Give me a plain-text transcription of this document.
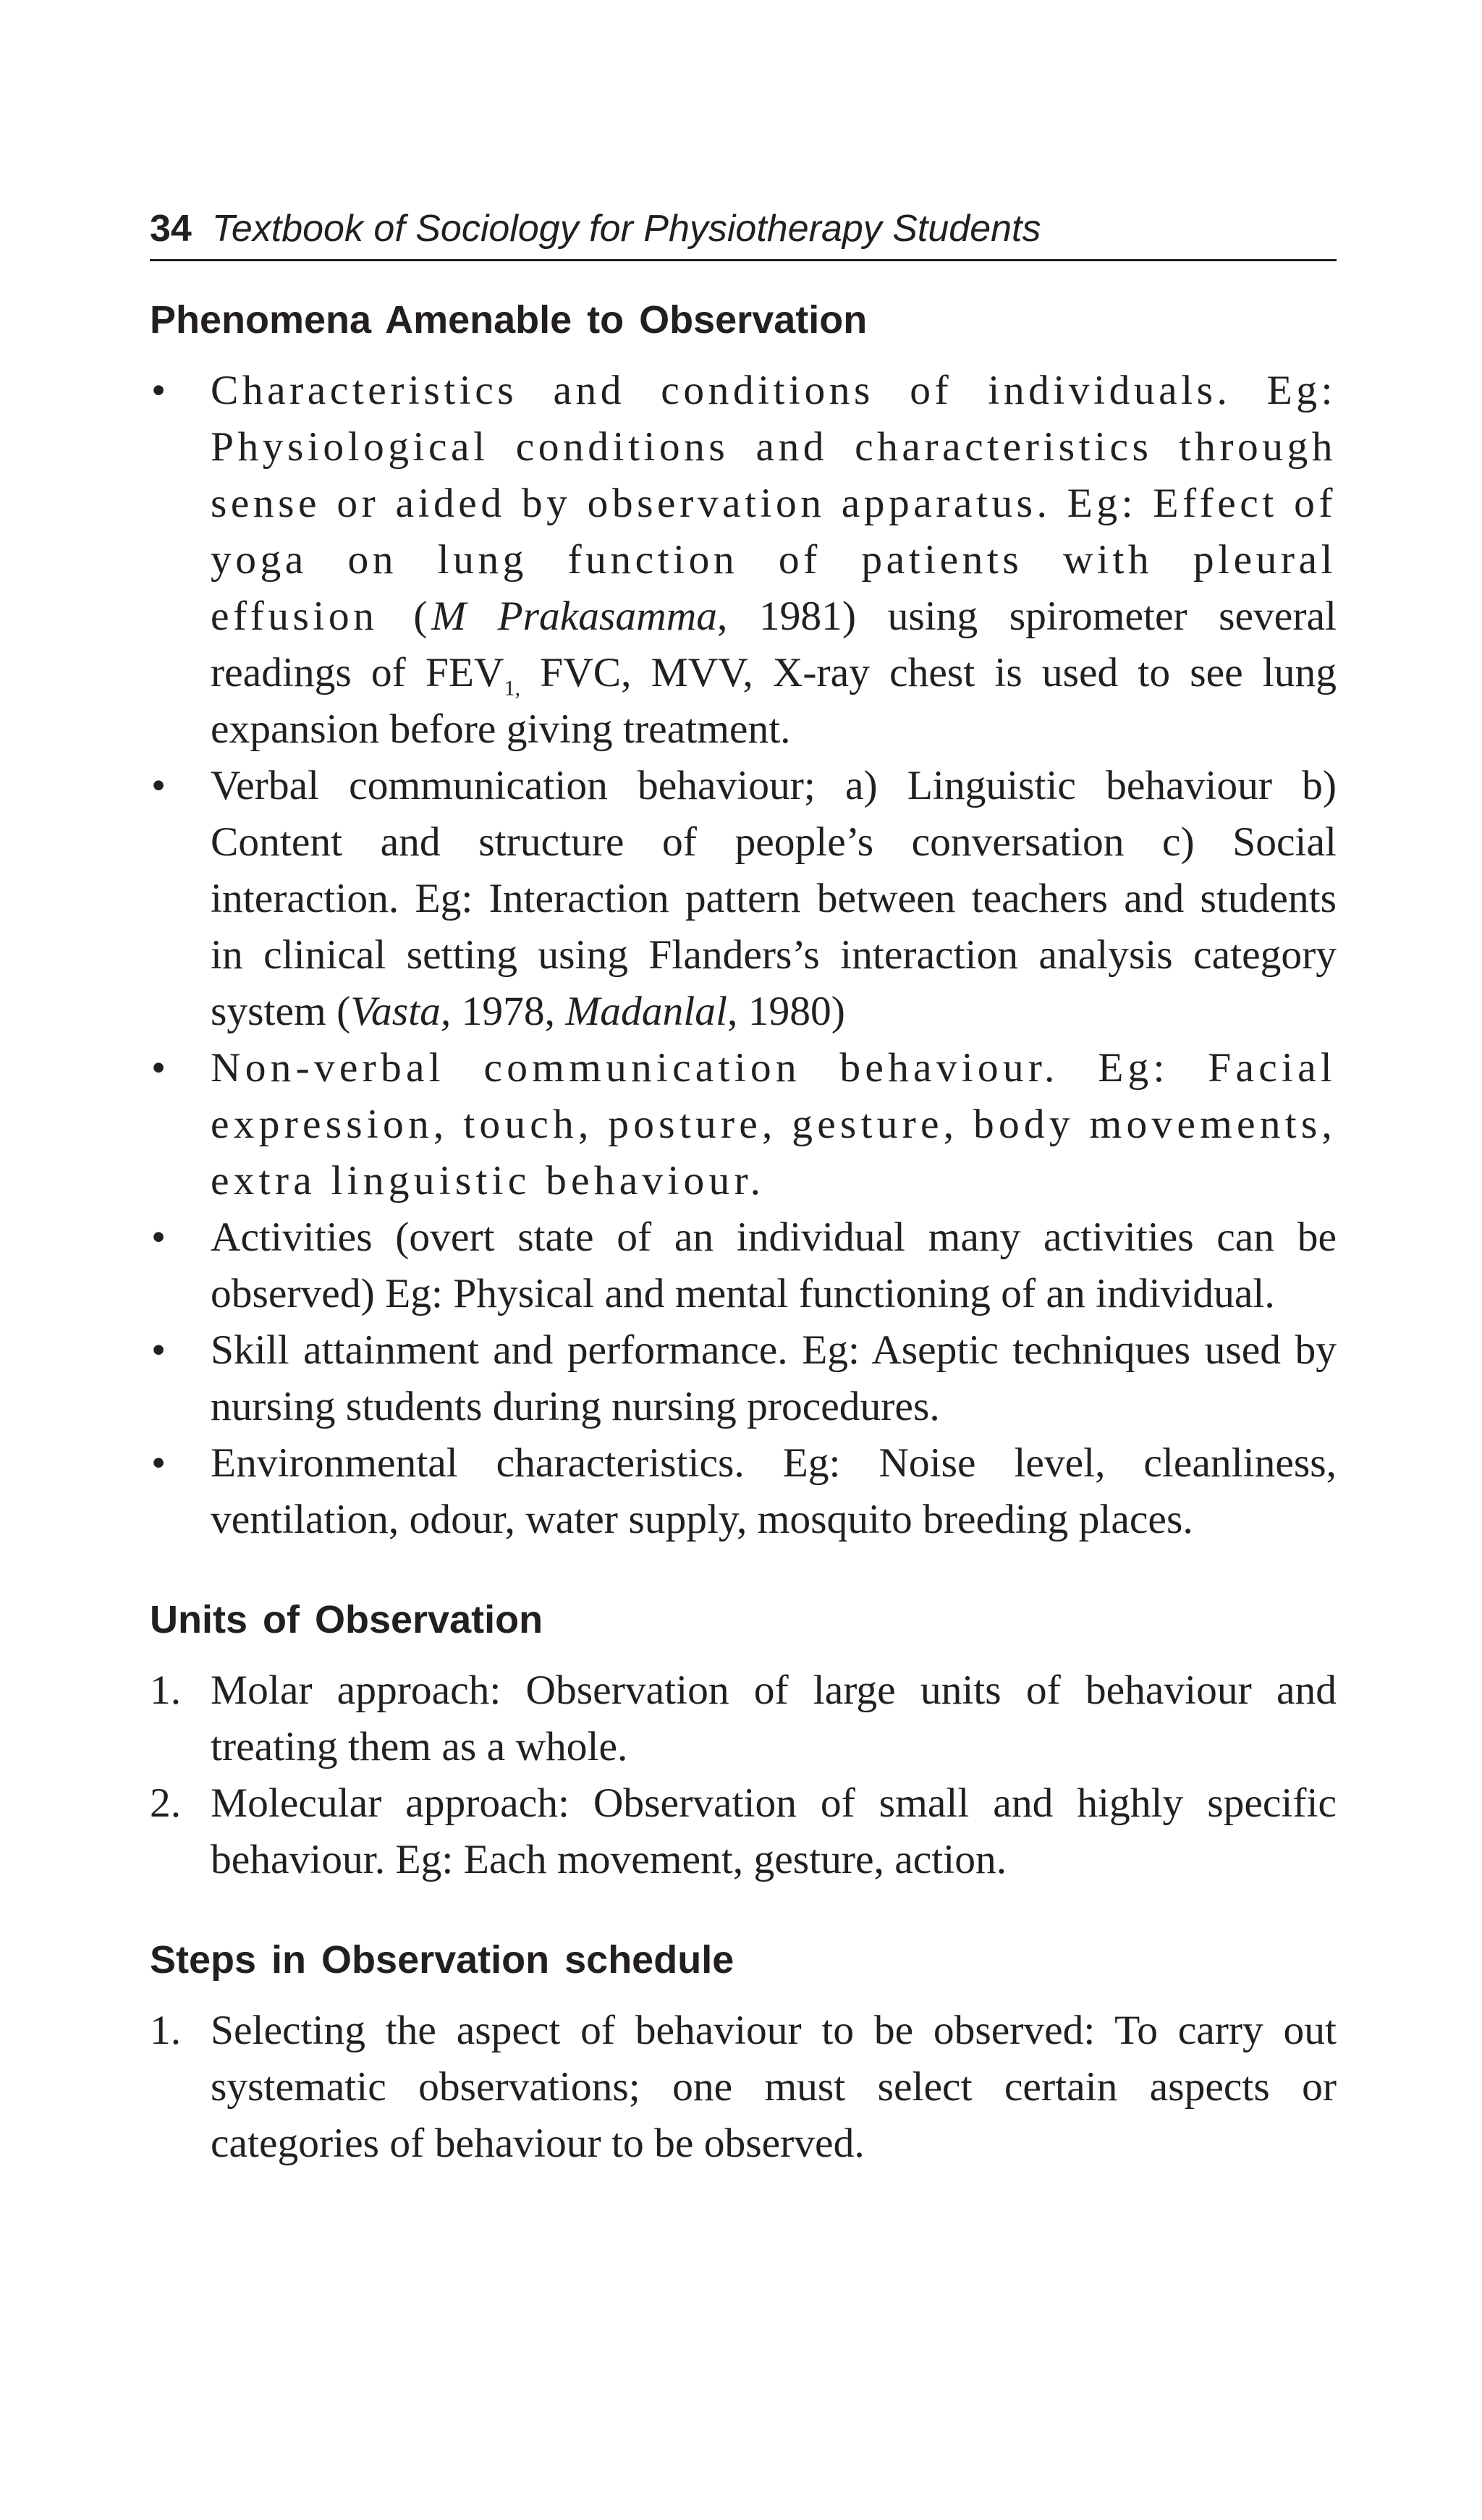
34 Textbook of Sociology for Physiotherapy Students
Phenomena Amenable to Observation
• Characteristics and conditions of individuals. Eg: Physiological conditions and characteristics through sense or aided by observation apparatus. Eg: Effect of yoga on lung function of patients with pleural effusion (M Prakasamma, 1981) using spirometer several readings of $FEV_{1,}$ FVC, MVV, X-ray chest is used to see lung expansion before giving treatment.
• Verbal communication behaviour; a) Linguistic behaviour b) Content and structure of people’s conversation c) Social interaction. Eg: Interaction pattern between teachers and students in clinical setting using Flanders’s interaction analysis category system (Vasta, 1978, Madanlal, 1980)
• Non-verbal communication behaviour. Eg: Facial expression, touch, posture, gesture, body movements, extra linguistic behaviour.
• Activities (overt state of an individual many activities can be observed) Eg: Physical and mental functioning of an individual.
• Skill attainment and performance. Eg: Aseptic techniques used by nursing students during nursing procedures.
• Environmental characteristics. Eg: Noise level, cleanliness, ventilation, odour, water supply, mosquito breeding places.
Units of Observation
1. Molar approach: Observation of large units of behaviour and treating them as a whole.
2. Molecular approach: Observation of small and highly specific behaviour. Eg: Each movement, gesture, action.
Steps in Observation schedule
1. Selecting the aspect of behaviour to be observed: To carry out systematic observations; one must select certain aspects or categories of behaviour to be observed.
